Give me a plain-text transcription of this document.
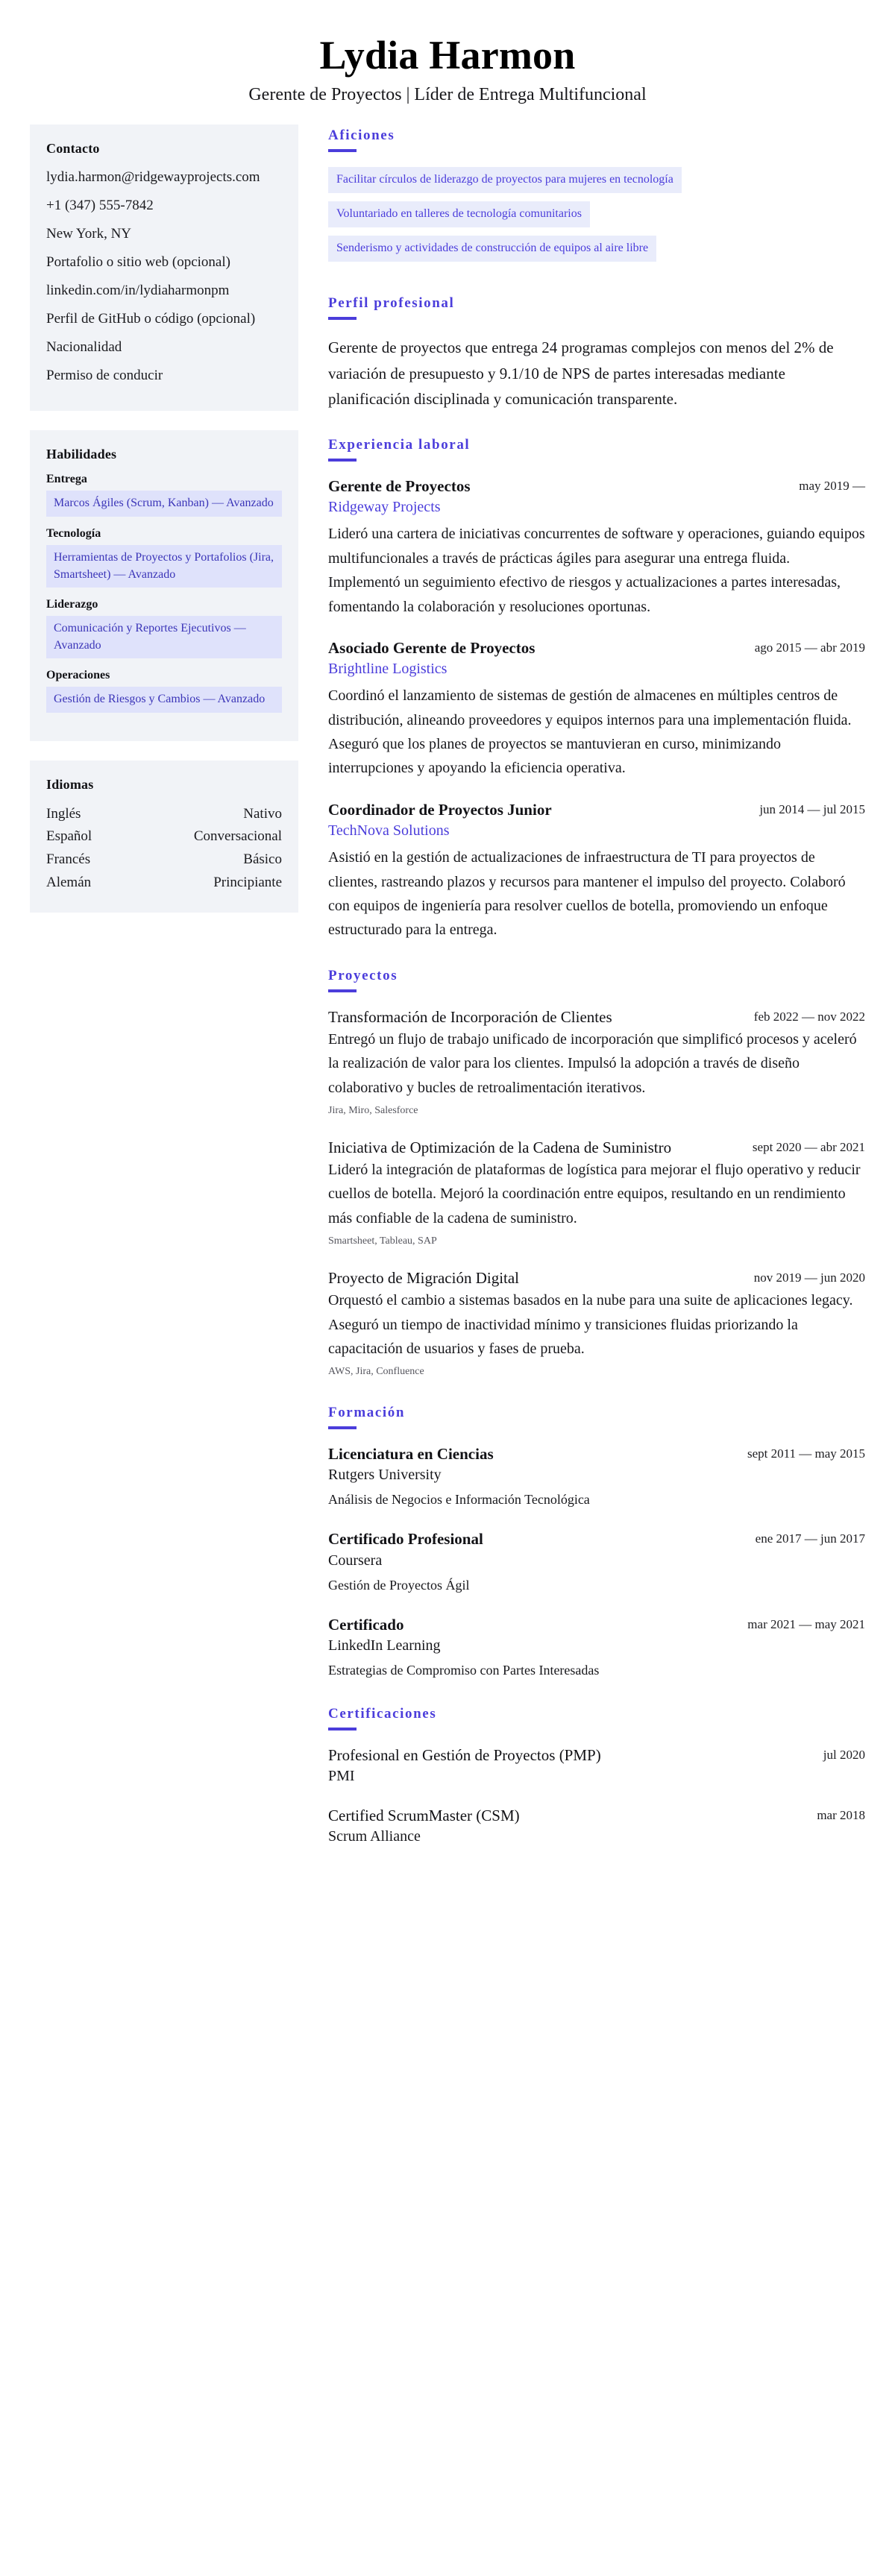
Lydia Harmon

Gerente de Proyectos | Líder de Entrega Multifuncional

Contacto
lydia.harmon@ridgewayprojects.com
+1 (347) 555-7842
New York, NY
Portafolio o sitio web (opcional)
linkedin.com/in/lydiaharmonpm
Perfil de GitHub o código (opcional)
Nacionalidad
Permiso de conducir
Habilidades
Entrega
Marcos Ágiles (Scrum, Kanban) — Avanzado
Tecnología
Herramientas de Proyectos y Portafolios (Jira, Smartsheet) — Avanzado
Liderazgo
Comunicación y Reportes Ejecutivos — Avanzado
Operaciones
Gestión de Riesgos y Cambios — Avanzado
Idiomas
Inglés	Nativo
Español	Conversacional
Francés	Básico
Alemán	Principiante
Aficiones
Facilitar círculos de liderazgo de proyectos para mujeres en tecnología
Voluntariado en talleres de tecnología comunitarios
Senderismo y actividades de construcción de equipos al aire libre
Perfil profesional

Gerente de proyectos que entrega 24 programas complejos con menos del 2% de variación de presupuesto y 9.1/10 de NPS de partes interesadas mediante planificación disciplinada y comunicación transparente.

Experiencia laboral
Gerente de Proyectos	may 2019 —
Ridgeway Projects

Lideró una cartera de iniciativas concurrentes de software y operaciones, guiando equipos multifuncionales a través de prácticas ágiles para asegurar una entrega fluida. Implementó un seguimiento efectivo de riesgos y actualizaciones a partes interesadas, fomentando la colaboración y resoluciones oportunas.

Asociado Gerente de Proyectos	ago 2015 — abr 2019
Brightline Logistics

Coordinó el lanzamiento de sistemas de gestión de almacenes en múltiples centros de distribución, alineando proveedores y equipos internos para una implementación fluida. Aseguró que los planes de proyectos se mantuvieran en curso, minimizando interrupciones y apoyando la eficiencia operativa.

Coordinador de Proyectos Junior	jun 2014 — jul 2015
TechNova Solutions

Asistió en la gestión de actualizaciones de infraestructura de TI para proyectos de clientes, rastreando plazos y recursos para mantener el impulso del proyecto. Colaboró con equipos de ingeniería para resolver cuellos de botella, promoviendo un enfoque estructurado para la entrega.

Proyectos
Transformación de Incorporación de Clientes	feb 2022 — nov 2022

Entregó un flujo de trabajo unificado de incorporación que simplificó procesos y aceleró la realización de valor para los clientes. Impulsó la adopción a través de diseño colaborativo y bucles de retroalimentación iterativos.

Jira, Miro, Salesforce

Iniciativa de Optimización de la Cadena de Suministro	sept 2020 — abr 2021

Lideró la integración de plataformas de logística para mejorar el flujo operativo y reducir cuellos de botella. Mejoró la coordinación entre equipos, resultando en un rendimiento más confiable de la cadena de suministro.

Smartsheet, Tableau, SAP

Proyecto de Migración Digital	nov 2019 — jun 2020

Orquestó el cambio a sistemas basados en la nube para una suite de aplicaciones legacy. Aseguró un tiempo de inactividad mínimo y transiciones fluidas priorizando la capacitación de usuarios y fases de prueba.

AWS, Jira, Confluence

Formación
Licenciatura en Ciencias	sept 2011 — may 2015
Rutgers University

Análisis de Negocios e Información Tecnológica

Certificado Profesional	ene 2017 — jun 2017
Coursera

Gestión de Proyectos Ágil

Certificado	mar 2021 — may 2021
LinkedIn Learning

Estrategias de Compromiso con Partes Interesadas

Certificaciones
Profesional en Gestión de Proyectos (PMP)	jul 2020
PMI
Certified ScrumMaster (CSM)	mar 2018
Scrum Alliance
